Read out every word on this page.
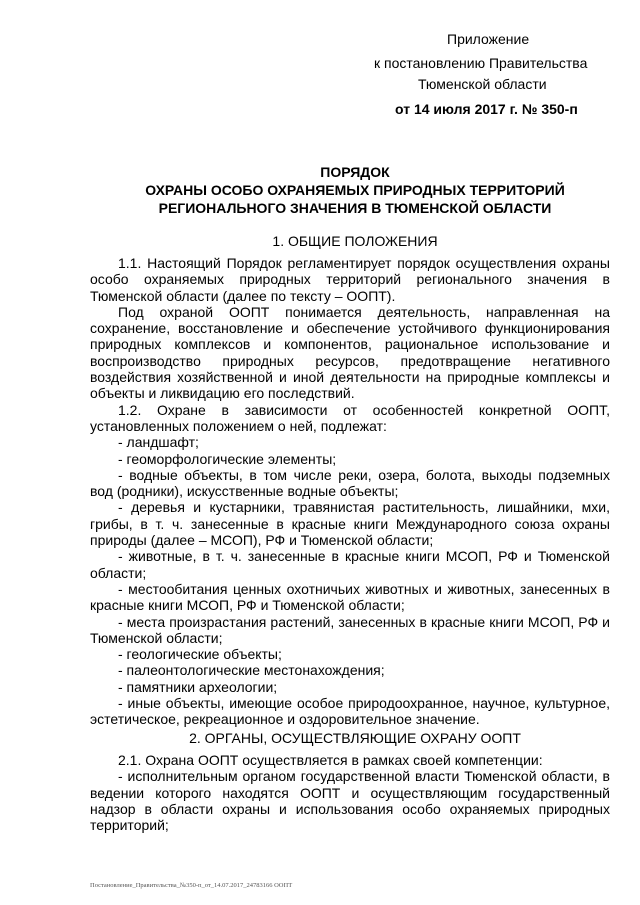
Приложение
к постановлению Правительства
Тюменской области
от 14 июля 2017 г. № 350-п
ПОРЯДОК
ОХРАНЫ ОСОБО ОХРАНЯЕМЫХ ПРИРОДНЫХ ТЕРРИТОРИЙ
РЕГИОНАЛЬНОГО ЗНАЧЕНИЯ В ТЮМЕНСКОЙ ОБЛАСТИ
1. ОБЩИЕ ПОЛОЖЕНИЯ

1.1. Настоящий Порядок регламентирует порядок осуществления охраны особо охраняемых природных территорий регионального значения в Тюменской области (далее по тексту – ООПТ).

Под охраной ООПТ понимается деятельность, направленная на сохранение, восстановление и обеспечение устойчивого функционирования природных комплексов и компонентов, рациональное использование и воспроизводство природных ресурсов, предотвращение негативного воздействия хозяйственной и иной деятельности на природные комплексы и объекты и ликвидацию его последствий.

1.2. Охране в зависимости от особенностей конкретной ООПТ, установленных положением о ней, подлежат:

- ландшафт;

- геоморфологические элементы;

- водные объекты, в том числе реки, озера, болота, выходы подземных вод (родники), искусственные водные объекты;

- деревья и кустарники, травянистая растительность, лишайники, мхи, грибы, в т. ч. занесенные в красные книги Международного союза охраны природы (далее – МСОП), РФ и Тюменской области;

- животные, в т. ч. занесенные в красные книги МСОП, РФ и Тюменской области;

- местообитания ценных охотничьих животных и животных, занесенных в красные книги МСОП, РФ и Тюменской области;

- места произрастания растений, занесенных в красные книги МСОП, РФ и Тюменской области;

- геологические объекты;

- палеонтологические местонахождения;

- памятники археологии;

- иные объекты, имеющие особое природоохранное, научное, культурное, эстетическое, рекреационное и оздоровительное значение.

2. ОРГАНЫ, ОСУЩЕСТВЛЯЮЩИЕ ОХРАНУ ООПТ

2.1. Охрана ООПТ осуществляется в рамках своей компетенции:

- исполнительным органом государственной власти Тюменской области, в ведении которого находятся ООПТ и осуществляющим государственный надзор в области охраны и использования особо охраняемых природных территорий;

Постановление_Правительства_№350-п_от_14.07.2017_24783166 ООПТ
